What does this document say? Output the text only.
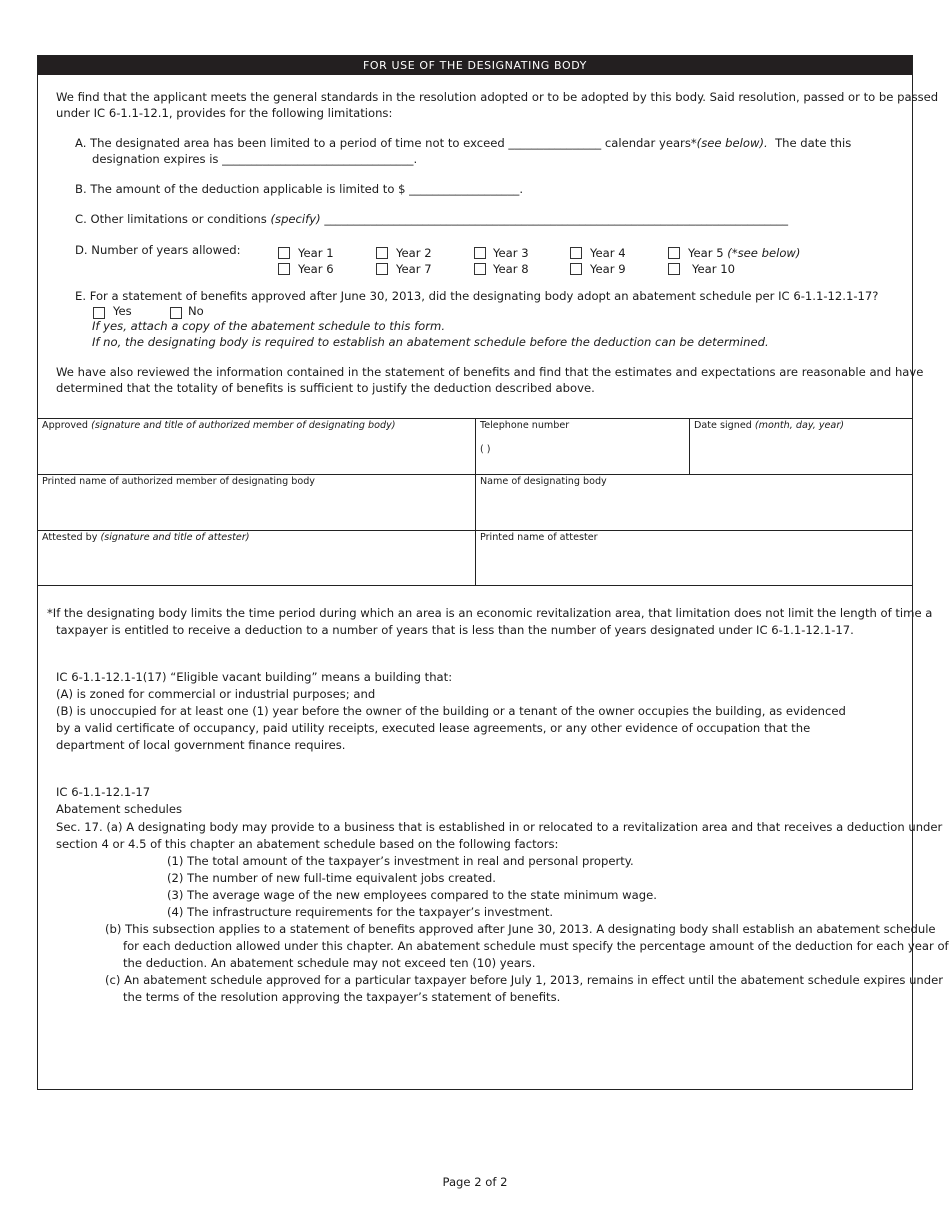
FOR USE OF THE DESIGNATING BODY
We find that the applicant meets the general standards in the resolution adopted or to be adopted by this body. Said resolution, passed or to be passed
under IC 6-1.1-12.1, provides for the following limitations:
A. The designated area has been limited to a period of time not to exceed ________________ calendar years*(see below). The date this
designation expires is _________________________________.
B. The amount of the deduction applicable is limited to $ ___________________.
C. Other limitations or conditions (specify) ________________________________________________________________________________
D. Number of years allowed:	Year 1	Year 2	Year 3	Year 4	Year 5 (*see below)
Year 6	Year 7	Year 8	Year 9	Year 10
E. For a statement of benefits approved after June 30, 2013, did the designating body adopt an abatement schedule per IC 6-1.1-12.1-17?
Yes	No
If yes, attach a copy of the abatement schedule to this form.
If no, the designating body is required to establish an abatement schedule before the deduction can be determined.
We have also reviewed the information contained in the statement of benefits and find that the estimates and expectations are reasonable and have
determined that the totality of benefits is sufficient to justify the deduction described above.
Approved (signature and title of authorized member of designating body)	Telephone number
( )
Date signed (month, day, year)
Printed name of authorized member of designating body	Name of designating body
Attested by (signature and title of attester)	Printed name of attester
*If the designating body limits the time period during which an area is an economic revitalization area, that limitation does not limit the length of time a
taxpayer is entitled to receive a deduction to a number of years that is less than the number of years designated under IC 6-1.1-12.1-17.
IC 6-1.1-12.1-1(17) “Eligible vacant building” means a building that:
(A) is zoned for commercial or industrial purposes; and
(B) is unoccupied for at least one (1) year before the owner of the building or a tenant of the owner occupies the building, as evidenced
by a valid certificate of occupancy, paid utility receipts, executed lease agreements, or any other evidence of occupation that the
department of local government finance requires.
IC 6-1.1-12.1-17
Abatement schedules
Sec. 17. (a) A designating body may provide to a business that is established in or relocated to a revitalization area and that receives a deduction under
section 4 or 4.5 of this chapter an abatement schedule based on the following factors:
(1) The total amount of the taxpayer’s investment in real and personal property.
(2) The number of new full-time equivalent jobs created.
(3) The average wage of the new employees compared to the state minimum wage.
(4) The infrastructure requirements for the taxpayer’s investment.
(b) This subsection applies to a statement of benefits approved after June 30, 2013. A designating body shall establish an abatement schedule
for each deduction allowed under this chapter. An abatement schedule must specify the percentage amount of the deduction for each year of
the deduction. An abatement schedule may not exceed ten (10) years.
(c) An abatement schedule approved for a particular taxpayer before July 1, 2013, remains in effect until the abatement schedule expires under
the terms of the resolution approving the taxpayer’s statement of benefits.
Page 2 of 2
